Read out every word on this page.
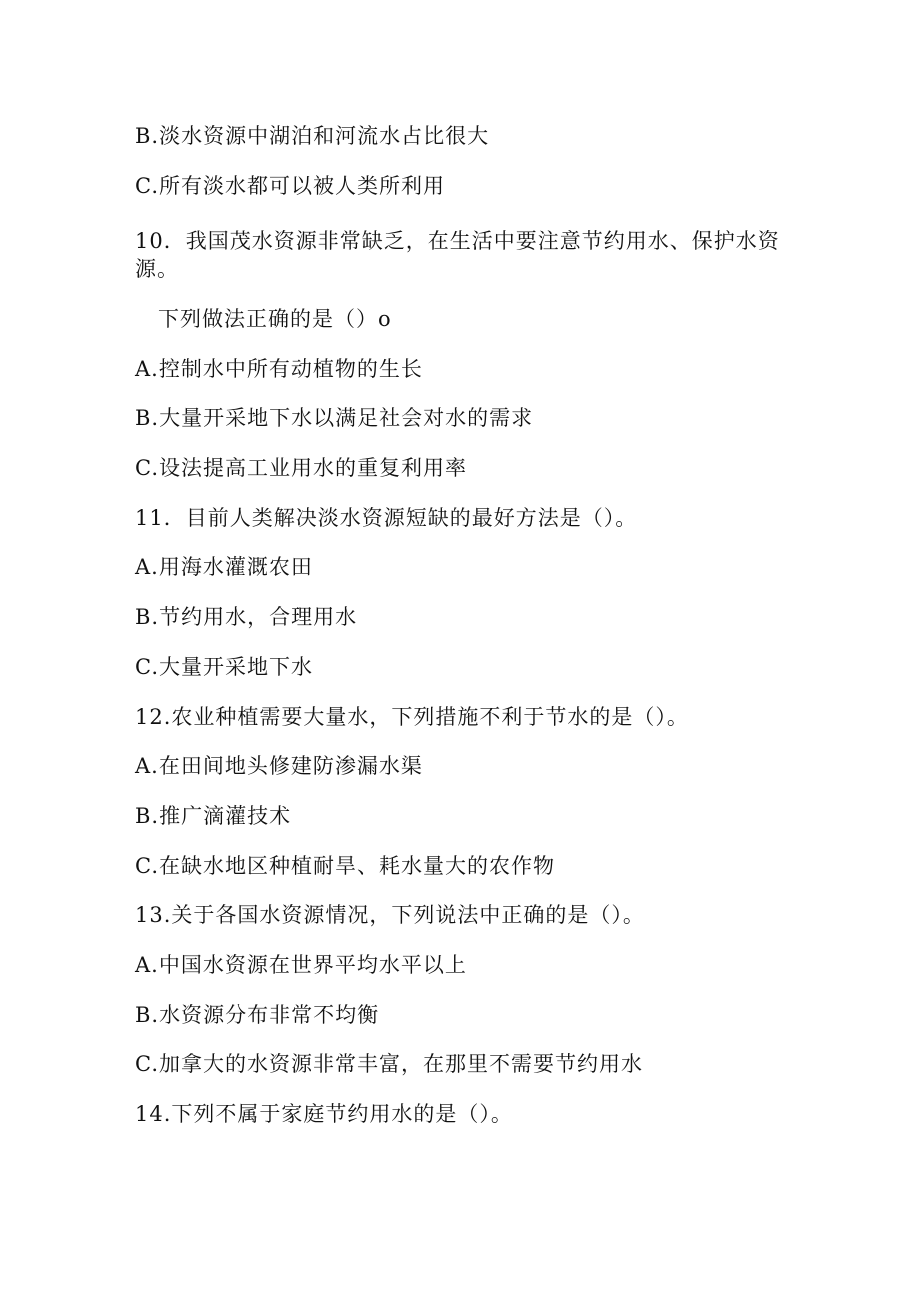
B.淡水资源中湖泊和河流水占比很大
C.所有淡水都可以被人类所利用
10．我国茂水资源非常缺乏，在生活中要注意节约用水、保护水资
源。
下列做法正确的是（）o
A.控制水中所有动植物的生长
B.大量开采地下水以满足社会对水的需求
C.设法提高工业用水的重复利用率
11．目前人类解决淡水资源短缺的最好方法是（）。
A.用海水灌溉农田
B.节约用水，合理用水
C.大量开采地下水
12.农业种植需要大量水，下列措施不利于节水的是（）。
A.在田间地头修建防渗漏水渠
B.推广滴灌技术
C.在缺水地区种植耐旱、耗水量大的农作物
13.关于各国水资源情况，下列说法中正确的是（）。
A.中国水资源在世界平均水平以上
B.水资源分布非常不均衡
C.加拿大的水资源非常丰富，在那里不需要节约用水
14.下列不属于家庭节约用水的是（）。
